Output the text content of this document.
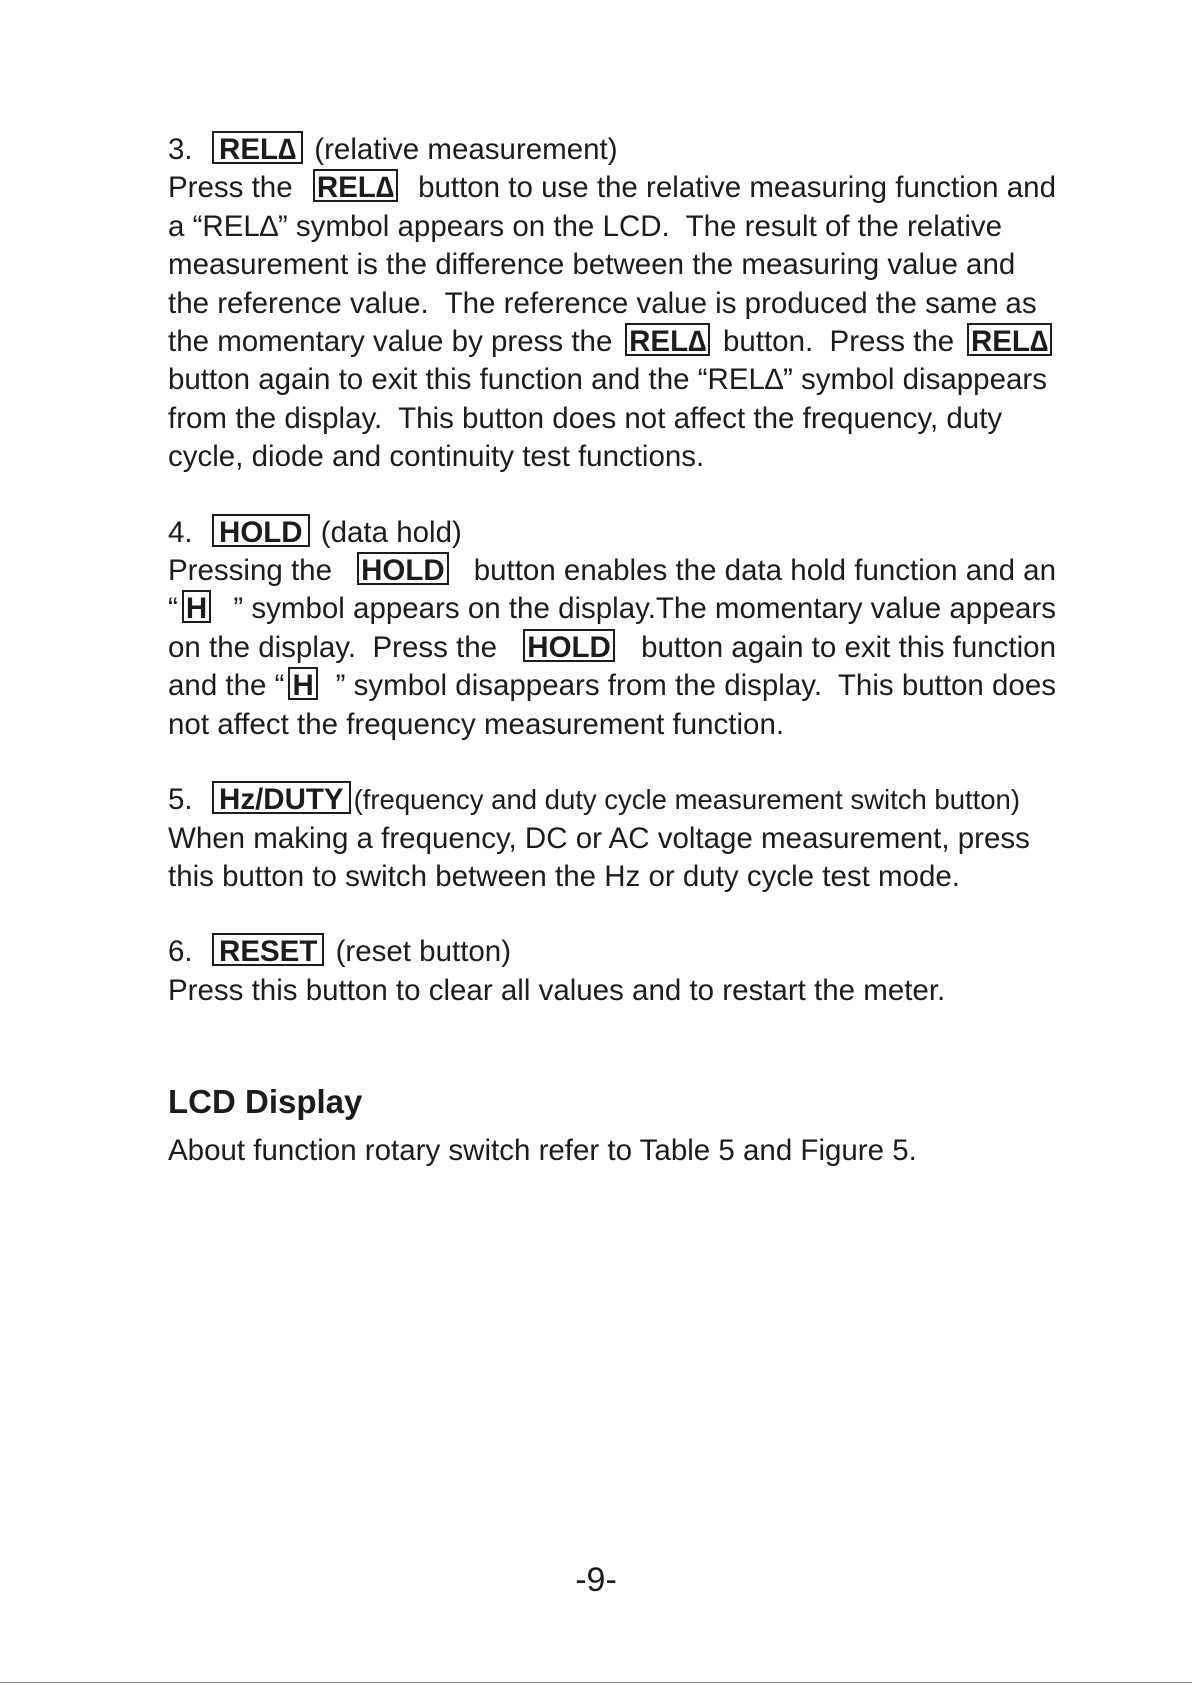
3.
REL∆
(relative measurement)
Press the REL∆ button to use the relative measuring function and
a “REL∆” symbol appears on the LCD.  The result of the relative
measurement is the difference between the measuring value and
the reference value.  The reference value is produced the same as
the momentary value by press the REL∆ button.  Press the REL∆
button again to exit this function and the “REL∆” symbol disappears
from the display.  This button does not affect the frequency, duty
cycle, diode and continuity test functions.
4.
HOLD
(data hold)
Pressing the HOLD button enables the data hold function and an
“ H ” symbol appears on the display.The momentary value appears
on the display.  Press the HOLD button again to exit this function
and the “ H ” symbol disappears from the display.  This button does
not affect the frequency measurement function.
5.
Hz/DUTY (frequency and duty cycle measurement switch button)
When making a frequency, DC or AC voltage measurement, press
this button to switch between the Hz or duty cycle test mode.
6.
RESET
(reset button)
Press this button to clear all values and to restart the meter.
LCD Display
About function rotary switch refer to Table 5 and Figure 5.
-9-
